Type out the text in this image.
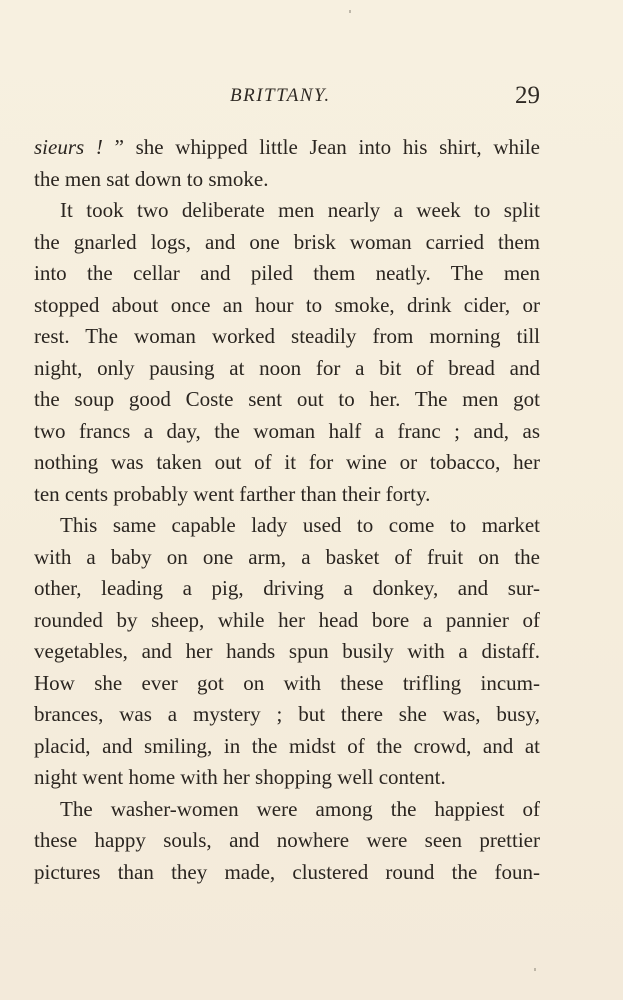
BRITTANY.	29
sieurs ! ” she whipped little Jean into his shirt, while
the men sat down to smoke.
It took two deliberate men nearly a week to split
the gnarled logs, and one brisk woman carried them
into the cellar and piled them neatly. The men
stopped about once an hour to smoke, drink cider, or
rest. The woman worked steadily from morning till
night, only pausing at noon for a bit of bread and
the soup good Coste sent out to her. The men got
two francs a day, the woman half a franc ; and, as
nothing was taken out of it for wine or tobacco, her
ten cents probably went farther than their forty.
This same capable lady used to come to market
with a baby on one arm, a basket of fruit on the
other, leading a pig, driving a donkey, and sur-
rounded by sheep, while her head bore a pannier of
vegetables, and her hands spun busily with a distaff.
How she ever got on with these trifling incum-
brances, was a mystery ; but there she was, busy,
placid, and smiling, in the midst of the crowd, and at
night went home with her shopping well content.
The washer-women were among the happiest of
these happy souls, and nowhere were seen prettier
pictures than they made, clustered round the foun-
